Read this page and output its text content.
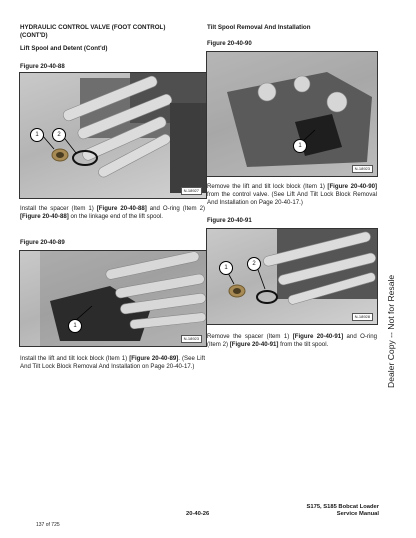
HYDRAULIC CONTROL VALVE (FOOT CONTROL)
(CONT'D)
Lift Spool and Detent (Cont'd)
Figure 20-40-88
1	2
N-18927
Install the spacer (Item 1) [Figure 20-40-88] and O-ring (Item 2) [Figure 20-40-88] on the linkage end of the lift spool.
Figure 20-40-89
1
N-18923
Install the lift and tilt lock block (Item 1) [Figure 20-40-89]. (See Lift And Tilt Lock Block Removal And Installation on Page 20-40-17.)
Tilt Spool Removal And Installation
Figure 20-40-90
1
N-18923
Remove the lift and tilt lock block (Item 1) [Figure 20-40-90] from the control valve. (See Lift And Tilt Lock Block Removal And Installation on Page 20-40-17.)
Figure 20-40-91
1
2
N-18928
Remove the spacer (Item 1) [Figure 20-40-91] and O-ring (Item 2) [Figure 20-40-91] from the tilt spool.	Dealer Copy -- Not for Resale
20-40-26
S175, S185 Bobcat Loader
Service Manual
137 of 725
